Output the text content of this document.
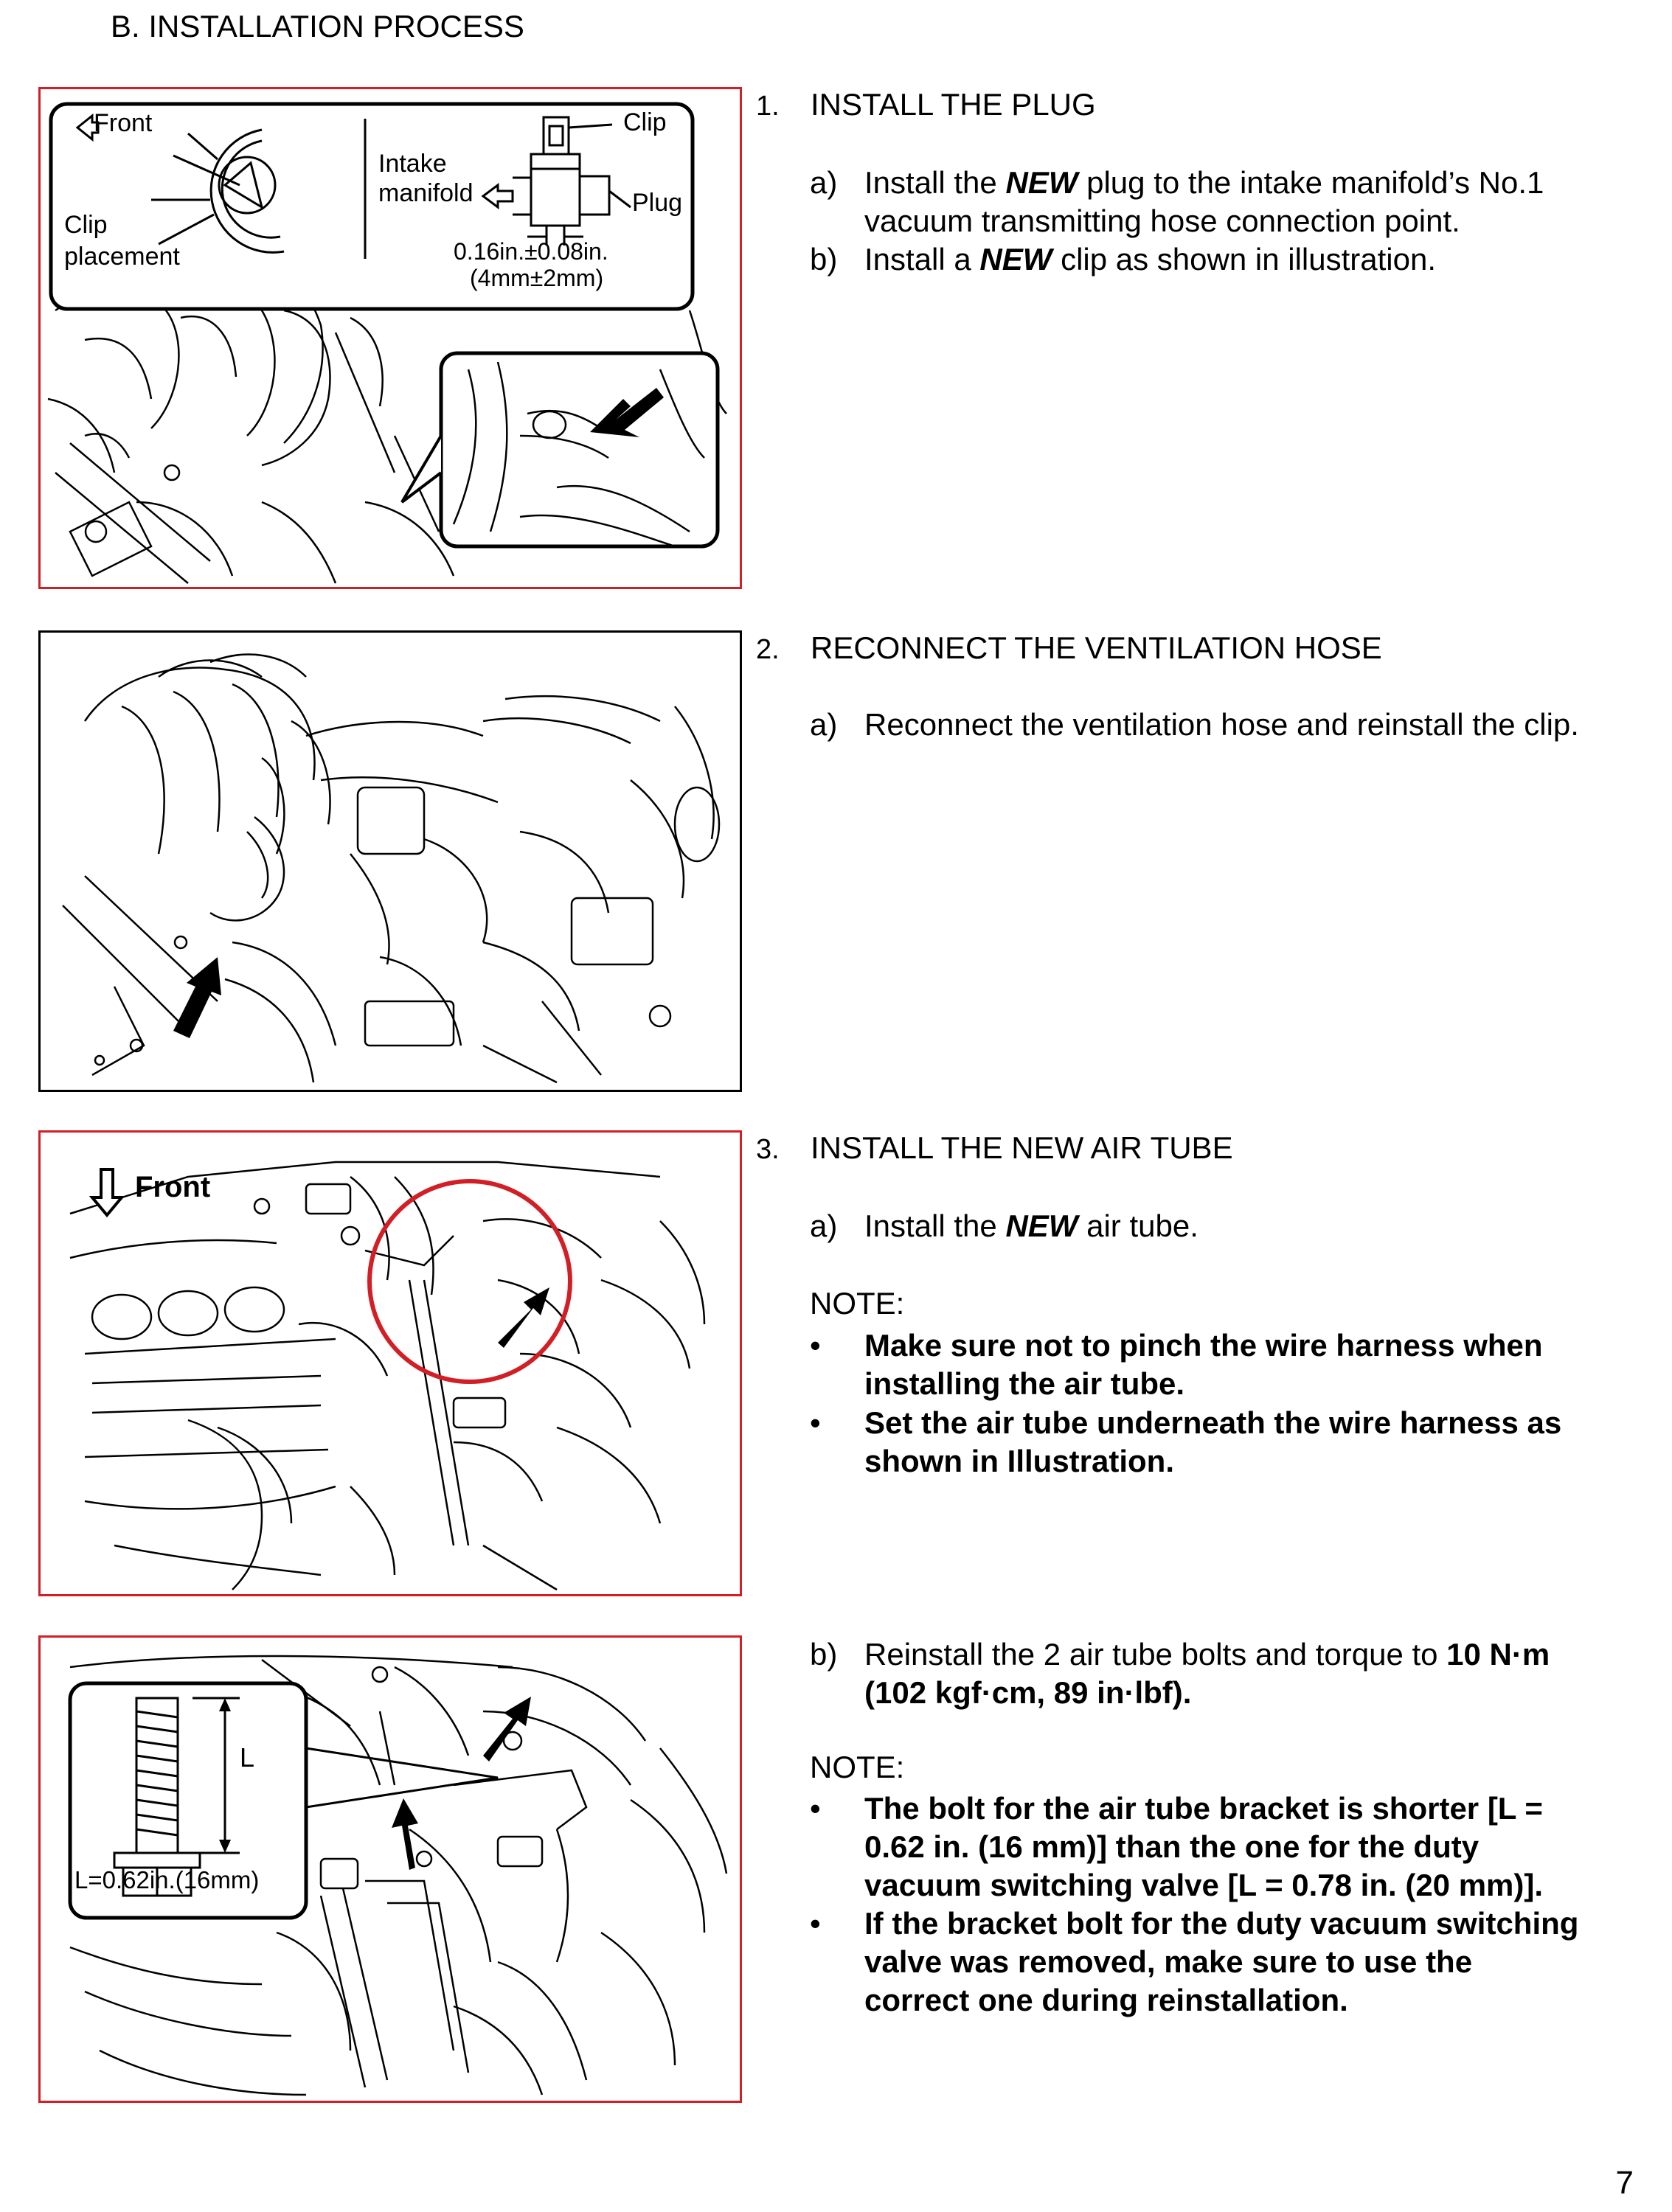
B. INSTALLATION PROCESS
Front
Clip
placement
Intake
manifold
Clip
Plug
0.16in.±0.08in.
(4mm±2mm)
1. INSTALL THE PLUG
a) Install the NEW plug to the intake manifold’s No.1
vacuum transmitting hose connection point.
b) Install a NEW clip as shown in illustration.
2. RECONNECT THE VENTILATION HOSE
a) Reconnect the ventilation hose and reinstall the clip.
Front
3. INSTALL THE NEW AIR TUBE
a) Install the NEW air tube.
NOTE:
• Make sure not to pinch the wire harness when
installing the air tube.
• Set the air tube underneath the wire harness as
shown in Illustration.
L
L=0.62in.(16mm)
b) Reinstall the 2 air tube bolts and torque to 10 N·m
(102 kgf·cm, 89 in·lbf).
NOTE:
• The bolt for the air tube bracket is shorter [L =
0.62 in. (16 mm)] than the one for the duty
vacuum switching valve [L = 0.78 in. (20 mm)].
• If the bracket bolt for the duty vacuum switching
valve was removed, make sure to use the
correct one during reinstallation.
7
